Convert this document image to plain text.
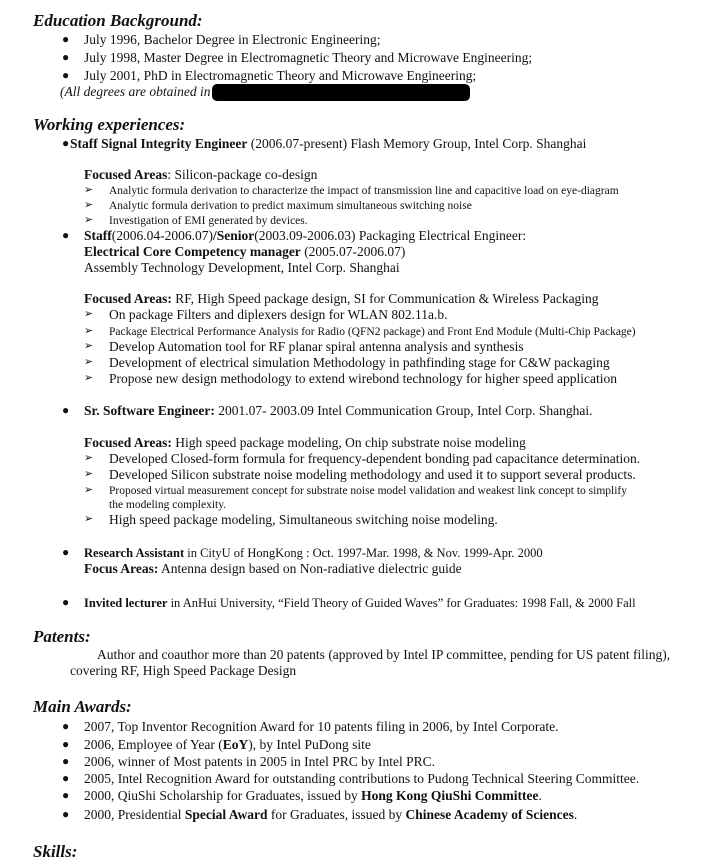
Education Background:
● July 1996, Bachelor Degree in Electronic Engineering;
● July 1998, Master Degree in Electromagnetic Theory and Microwave Engineering;
● July 2001, PhD in Electromagnetic Theory and Microwave Engineering;
(All degrees are obtained in
Working experiences:
● Staff Signal Integrity Engineer (2006.07-present) Flash Memory Group, Intel Corp. Shanghai
Focused Areas: Silicon-package co-design
➢ Analytic formula derivation to characterize the impact of transmission line and capacitive load on eye-diagram
➢ Analytic formula derivation to predict maximum simultaneous switching noise
➢ Investigation of EMI generated by devices.
● Staff(2006.04-2006.07)/Senior(2003.09-2006.03) Packaging Electrical Engineer:
Electrical Core Competency manager (2005.07-2006.07)
Assembly Technology Development, Intel Corp. Shanghai
Focused Areas: RF, High Speed package design, SI for Communication & Wireless Packaging
➢ On package Filters and diplexers design for WLAN 802.11a.b.
➢ Package Electrical Performance Analysis for Radio (QFN2 package) and Front End Module (Multi-Chip Package)
➢ Develop Automation tool for RF planar spiral antenna analysis and synthesis
➢ Development of electrical simulation Methodology in pathfinding stage for C&W packaging
➢ Propose new design methodology to extend wirebond technology for higher speed application
● Sr. Software Engineer: 2001.07- 2003.09 Intel Communication Group, Intel Corp. Shanghai.
Focused Areas: High speed package modeling, On chip substrate noise modeling
➢ Developed Closed-form formula for frequency-dependent bonding pad capacitance determination.
➢ Developed Silicon substrate noise modeling methodology and used it to support several products.
➢ Proposed virtual measurement concept for substrate noise model validation and weakest link concept to simplify
the modeling complexity.
➢ High speed package modeling, Simultaneous switching noise modeling.
● Research Assistant in CityU of HongKong : Oct. 1997-Mar. 1998, & Nov. 1999-Apr. 2000
Focus Areas: Antenna design based on Non-radiative dielectric guide
● Invited lecturer in AnHui University, “Field Theory of Guided Waves” for Graduates: 1998 Fall, & 2000 Fall
Patents:
Author and coauthor more than 20 patents (approved by Intel IP committee, pending for US patent filing),
covering RF, High Speed Package Design
Main Awards:
● 2007, Top Inventor Recognition Award for 10 patents filing in 2006, by Intel Corporate.
● 2006, Employee of Year (EoY), by Intel PuDong site
● 2006, winner of Most patents in 2005 in Intel PRC by Intel PRC.
● 2005, Intel Recognition Award for outstanding contributions to Pudong Technical Steering Committee.
● 2000, QiuShi Scholarship for Graduates, issued by Hong Kong QiuShi Committee.
● 2000, Presidential Special Award for Graduates, issued by Chinese Academy of Sciences.
Skills:
